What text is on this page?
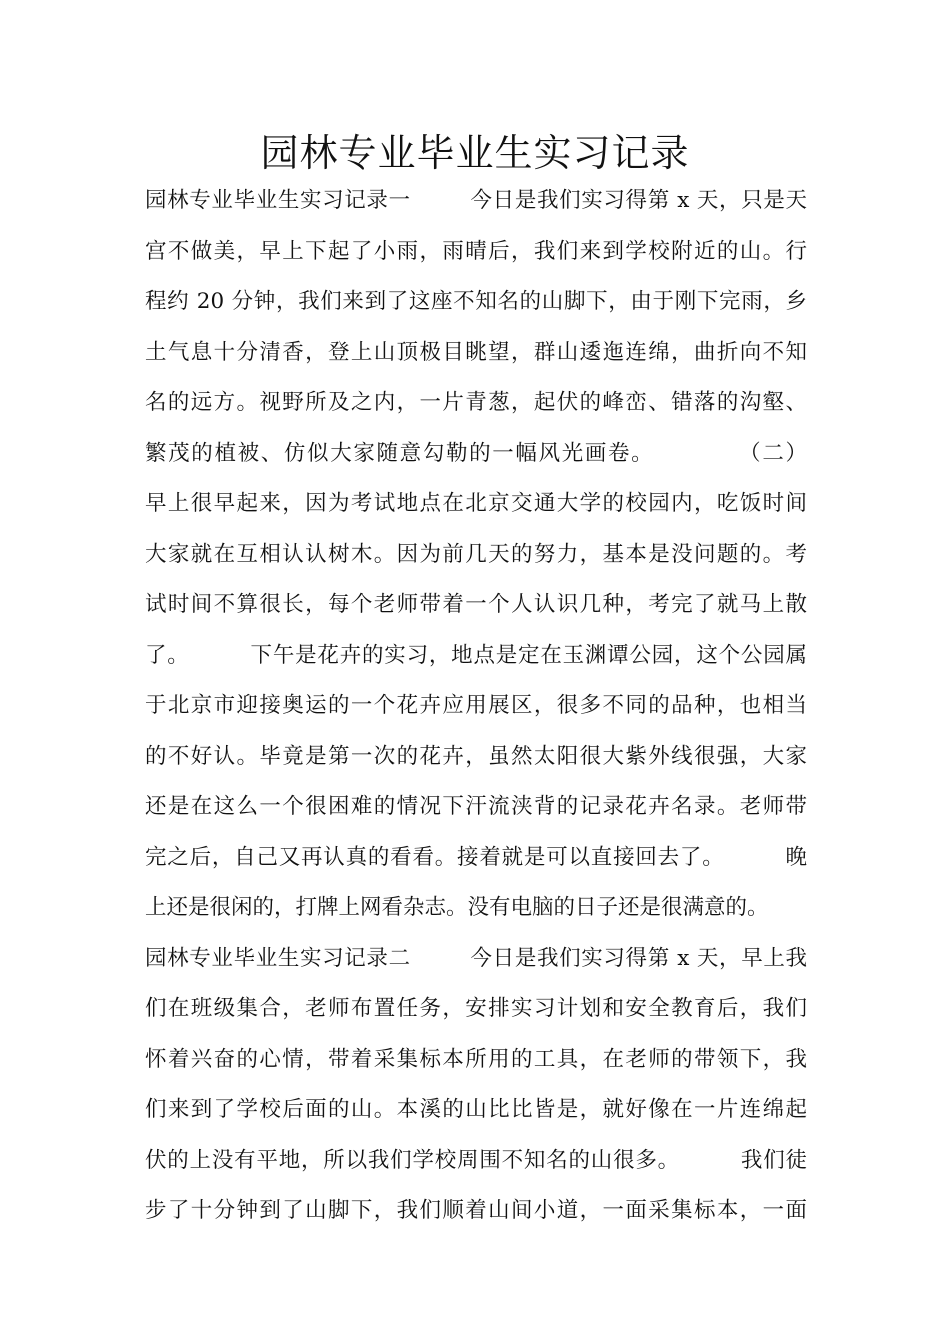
园林专业毕业生实习记录
园林专业毕业生实习记录一        今日是我们实习得第 x 天，只是天
宫不做美，早上下起了小雨，雨晴后，我们来到学校附近的山。行
程约 20 分钟，我们来到了这座不知名的山脚下，由于刚下完雨，乡
土气息十分清香，登上山顶极目眺望，群山逶迤连绵，曲折向不知
名的远方。视野所及之内，一片青葱，起伏的峰峦、错落的沟壑、
繁茂的植被、仿似大家随意勾勒的一幅风光画卷。          （二）
早上很早起来，因为考试地点在北京交通大学的校园内，吃饭时间
大家就在互相认认树木。因为前几天的努力，基本是没问题的。考
试时间不算很长，每个老师带着一个人认识几种，考完了就马上散
了。        下午是花卉的实习，地点是定在玉渊谭公园，这个公园属
于北京市迎接奥运的一个花卉应用展区，很多不同的品种，也相当
的不好认。毕竟是第一次的花卉，虽然太阳很大紫外线很强，大家
还是在这么一个很困难的情况下汗流浃背的记录花卉名录。老师带
完之后，自己又再认真的看看。接着就是可以直接回去了。        晚
上还是很闲的，打牌上网看杂志。没有电脑的日子还是很满意的。
园林专业毕业生实习记录二        今日是我们实习得第 x 天，早上我
们在班级集合，老师布置任务，安排实习计划和安全教育后，我们
怀着兴奋的心情，带着采集标本所用的工具，在老师的带领下，我
们来到了学校后面的山。本溪的山比比皆是，就好像在一片连绵起
伏的上没有平地，所以我们学校周围不知名的山很多。        我们徒
步了十分钟到了山脚下，我们顺着山间小道，一面采集标本，一面
